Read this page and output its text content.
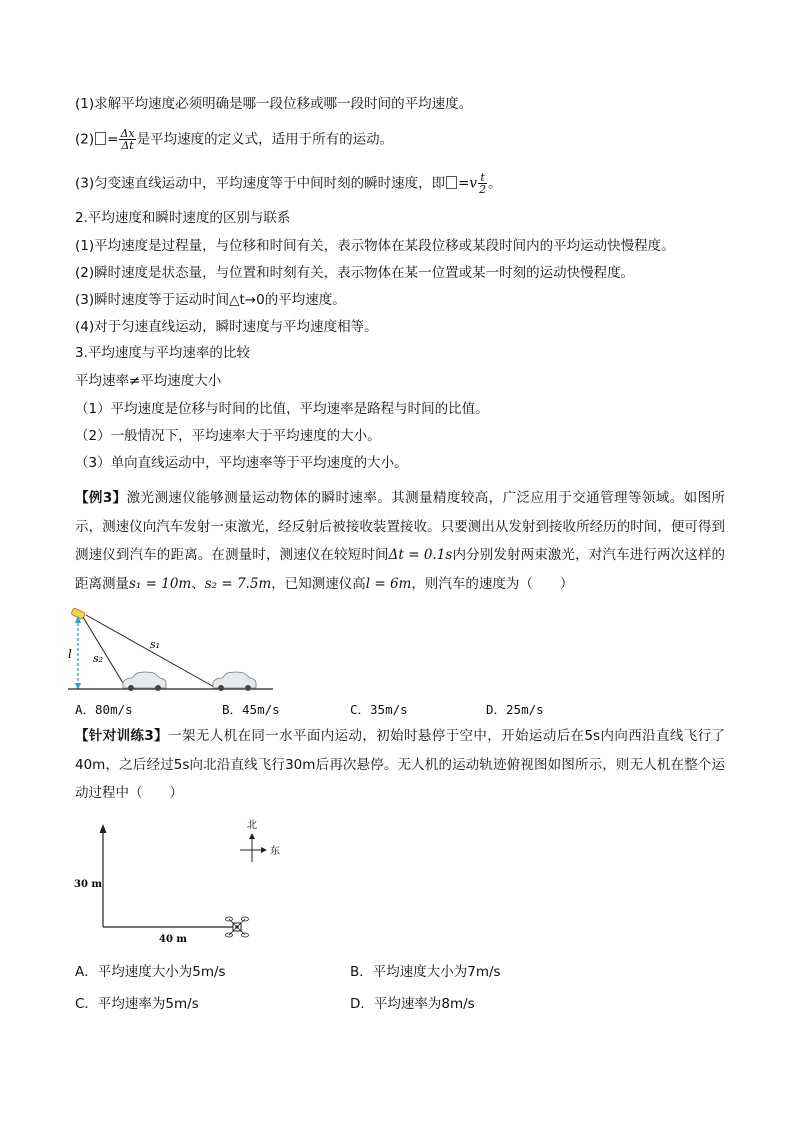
(1)求解平均速度必须明确是哪一段位移或哪一段时间的平均速度。
$(2) = \frac{\Delta x}{\Delta t}$ 是平均速度的定义式，适用于所有的运动。
(3)匀变速直线运动中，平均速度等于中间时刻的瞬时速度，即 $=v \frac{t}{2}$ 。
2.平均速度和瞬时速度的区别与联系
(1)平均速度是过程量，与位移和时间有关，表示物体在某段位移或某段时间内的平均运动快慢程度。
(2)瞬时速度是状态量，与位置和时刻有关，表示物体在某一位置或某一时刻的运动快慢程度。
(3)瞬时速度等于运动时间△t→0的平均速度。
(4)对于匀速直线运动，瞬时速度与平均速度相等。
3.平均速度与平均速率的比较
平均速率≠平均速度大小
（1）平均速度是位移与时间的比值，平均速率是路程与时间的比值。
（2）一般情况下，平均速率大于平均速度的大小。
（3）单向直线运动中，平均速率等于平均速度的大小。
【例3】激光测速仪能够测量运动物体的瞬时速率。其测量精度较高，广泛应用于交通管理等领域。如图所示，测速仪向汽车发射一束激光，经反射后被接收装置接收。只要测出从发射到接收所经历的时间，便可得到测速仪到汽车的距离。在测量时，测速仪在较短时间Δt = 0.1s内分别发射两束激光，对汽车进行两次这样的距离测量s₁ = 10m、s₂ = 7.5m，已知测速仪高l = 6m，则汽车的速度为（　　）
l s₂
s₁
A．80m/s	B．45m/s	C．35m/s	D．25m/s
【针对训练3】一架无人机在同一水平面内运动，初始时悬停于空中，开始运动后在5s内向西沿直线飞行了40m，之后经过5s向北沿直线飞行30m后再次悬停。无人机的运动轨迹俯视图如图所示，则无人机在整个运动过程中（　　）
北
东
30 m
40 m
A．平均速度大小为5m/s	B．平均速度大小为7m/s
C．平均速率为5m/s	D．平均速率为8m/s
